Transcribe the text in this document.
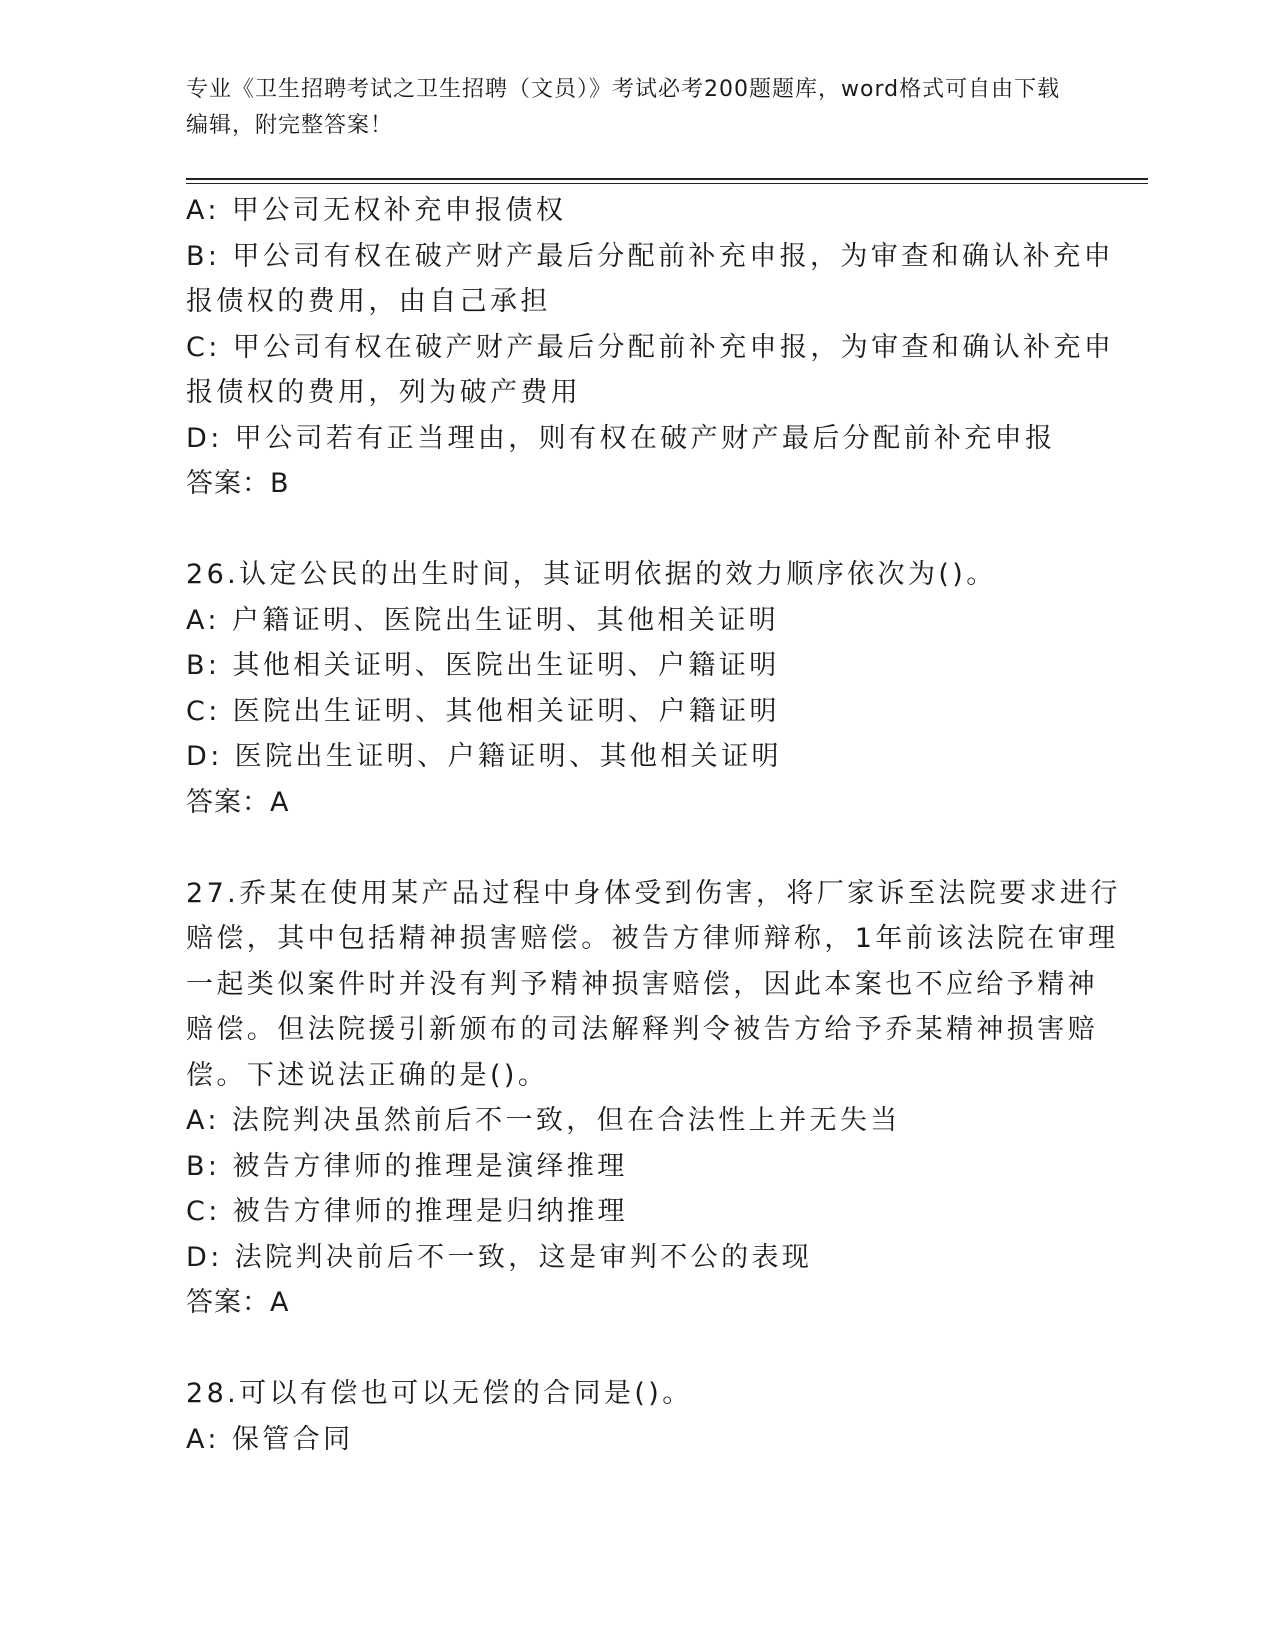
专业《卫生招聘考试之卫生招聘（文员）》考试必考200题题库，word格式可自由下载编辑，附完整答案！

A: 甲公司无权补充申报债权

B: 甲公司有权在破产财产最后分配前补充申报，为审查和确认补充申

报债权的费用，由自己承担

C: 甲公司有权在破产财产最后分配前补充申报，为审查和确认补充申

报债权的费用，列为破产费用

D: 甲公司若有正当理由，则有权在破产财产最后分配前补充申报

答案：B

26.认定公民的出生时间，其证明依据的效力顺序依次为()。

A: 户籍证明、医院出生证明、其他相关证明

B: 其他相关证明、医院出生证明、户籍证明

C: 医院出生证明、其他相关证明、户籍证明

D: 医院出生证明、户籍证明、其他相关证明

答案：A

27.乔某在使用某产品过程中身体受到伤害，将厂家诉至法院要求进行

赔偿，其中包括精神损害赔偿。被告方律师辩称，1年前该法院在审理

一起类似案件时并没有判予精神损害赔偿，因此本案也不应给予精神

赔偿。但法院援引新颁布的司法解释判令被告方给予乔某精神损害赔

偿。下述说法正确的是()。

A: 法院判决虽然前后不一致，但在合法性上并无失当

B: 被告方律师的推理是演绎推理

C: 被告方律师的推理是归纳推理

D: 法院判决前后不一致，这是审判不公的表现

答案：A

28.可以有偿也可以无偿的合同是()。

A: 保管合同
